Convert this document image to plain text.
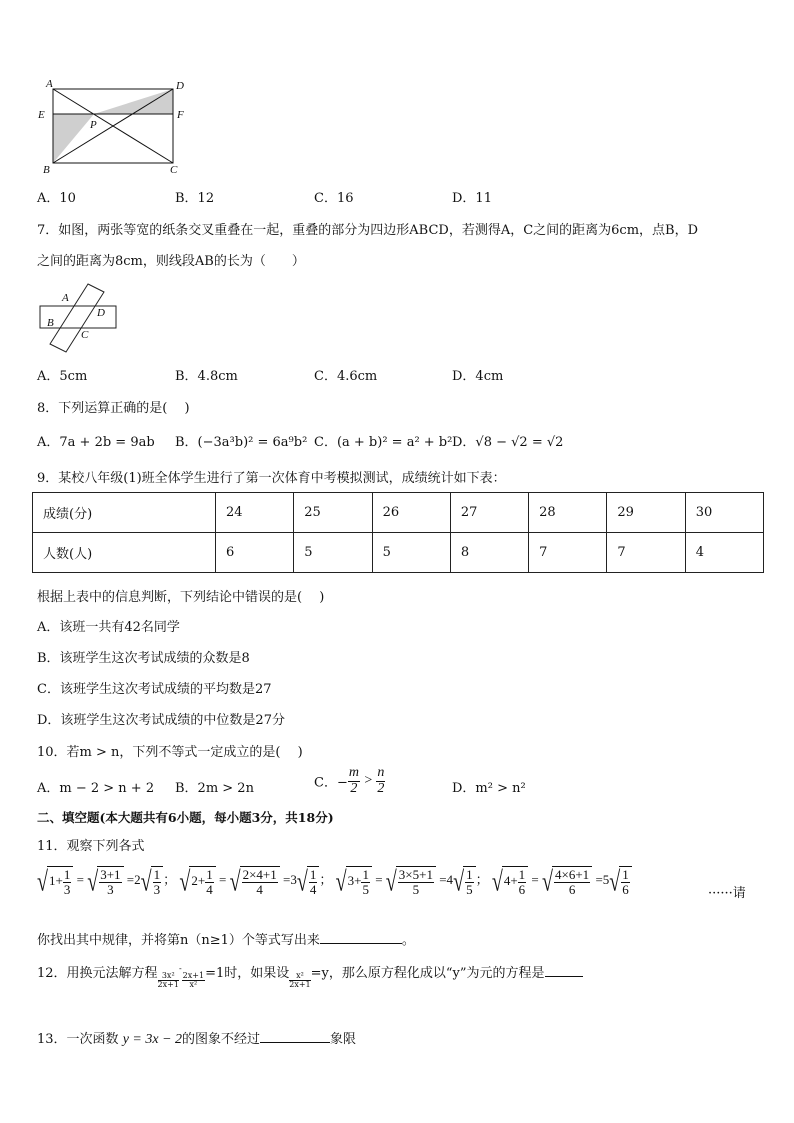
A	D
E
P
F
B	C
A．10	B．12	C．16	D．11
7．如图，两张等宽的纸条交叉重叠在一起，重叠的部分为四边形ABCD，若测得A，C之间的距离为6cm，点B，D
之间的距离为8cm，则线段AB的长为（　　）
A
D
B
C
A．5cm	B．4.8cm	C．4.6cm	D．4cm
8．下列运算正确的是(　 )
A．7a + 2b = 9ab B．(−3a³b)² = 6a⁹b² C．(a + b)² = a² + b² D．√8 − √2 = √2
9．某校八年级(1)班全体学生进行了第一次体育中考模拟测试，成绩统计如下表：
成绩(分)	24	25	26	27	28	29	30
人数(人)	6	5	5	8	7	7	4
根据上表中的信息判断，下列结论中错误的是(　 )
A．该班一共有42名同学
B．该班学生这次考试成绩的众数是8
C．该班学生这次考试成绩的平均数是27
D．该班学生这次考试成绩的中位数是27分
10．若m > n，下列不等式一定成立的是(　 )
A．m − 2 > n + 2 B．2m > 2n	C．− $\frac{m}{2} > \frac{n}{2}$	D．m² > n²
二、填空题(本大题共有6小题，每小题3分，共18分)
11．观察下列各式
√ $1+ \frac{1}{3}$ = √ $\frac{3+1}{3} =2$ √ $\frac{1}{3}$ ； √ $2+ \frac{1}{4}$ = √ $\frac{2\times 4+1}{4} =3$ √ $\frac{1}{4}$ ； √ $3+ \frac{1}{5}$ = √ $\frac{3\times 5+1}{5} =4$ √ $\frac{1}{5}$ ； √ $4+ \frac{1}{6}$ = √ $\frac{4\times 6+1}{6} =5$ √ $\frac{1}{6}$	······请
你找出其中规律，并将第n（n≥1）个等式写出来	。
12．用换元法解方程 $\frac{\text{3x²}}{2x+1}$
-
$\frac{2x+1}{\text{x²}} =1$时，如果设 $\frac{\text{x²}}{2x+1} =y$，那么原方程化成以“y”为元的方程是
13．一次函数 y = 3x − 2的图象不经过	象限
